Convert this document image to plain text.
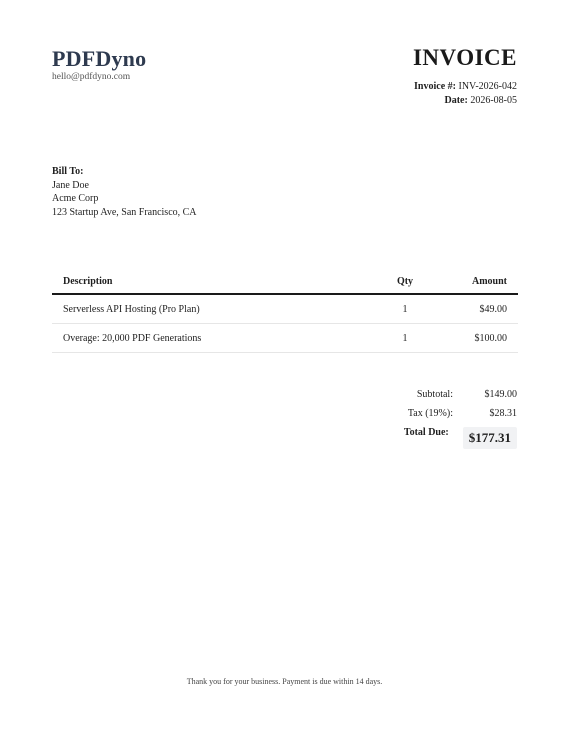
PDFDyno
hello@pdfdyno.com
INVOICE
Invoice #: INV-2026-042
Date: 2026-08-05
Bill To:
Jane Doe
Acme Corp
123 Startup Ave, San Francisco, CA
Description	Qty	Amount
Serverless API Hosting (Pro Plan)	1	$49.00
Overage: 20,000 PDF Generations	1	$100.00
Subtotal:	$149.00
Tax (19%):	$28.31
Total Due:	$177.31
Thank you for your business. Payment is due within 14 days.
